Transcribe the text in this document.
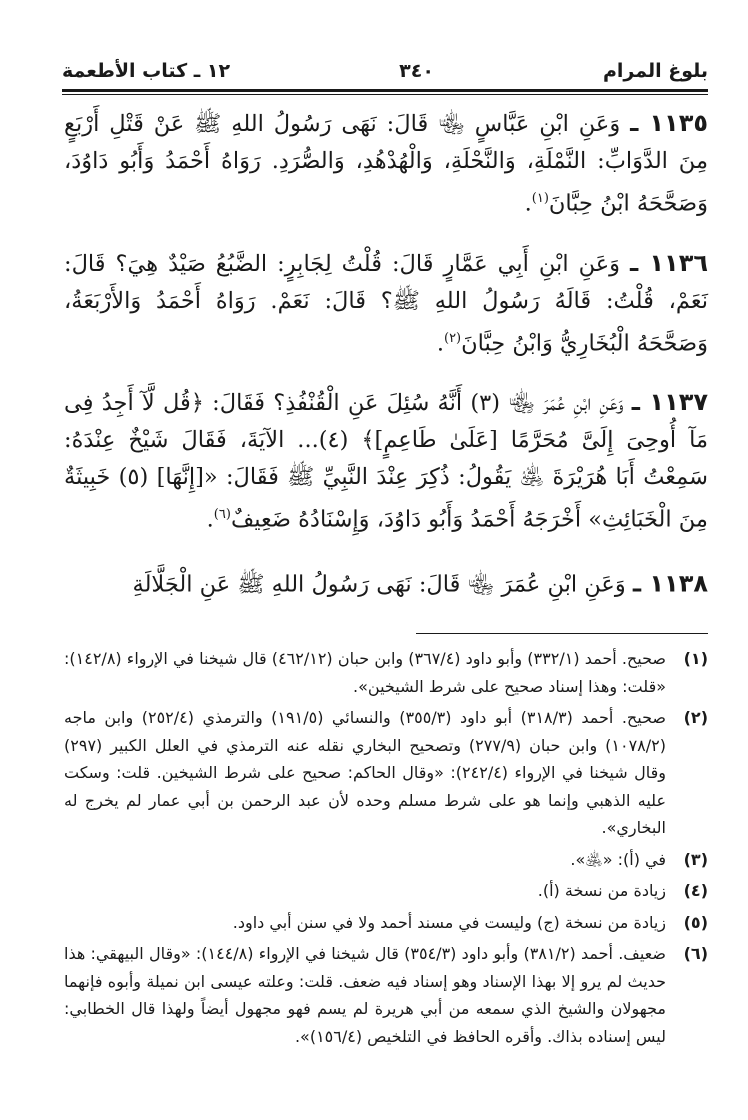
بلوغ المرام
٣٤٠
١٢ ـ كتاب الأطعمة

١١٣٥ ـ وَعَنِ ابْنِ عَبَّاسٍ ﵄ قَالَ: نَهَى رَسُولُ اللهِ ﷺ عَنْ قَتْلِ أَرْبَعٍ مِنَ الدَّوَابِّ: النَّمْلَةِ، وَالنَّحْلَةِ، وَالْهُدْهُدِ، وَالصُّرَدِ. رَوَاهُ أَحْمَدُ وَأَبُو دَاوُدَ، وَصَحَّحَهُ ابْنُ حِبَّانَ$^{(١)}$.

١١٣٦ ـ وَعَنِ ابْنِ أَبِي عَمَّارٍ قَالَ: قُلْتُ لِجَابِرٍ: الضَّبُعُ صَيْدٌ هِيَ؟ قَالَ: نَعَمْ، قُلْتُ: قَالَهُ رَسُولُ اللهِ ﷺ؟ قَالَ: نَعَمْ. رَوَاهُ أَحْمَدُ وَالأَرْبَعَةُ، وَصَحَّحَهُ الْبُخَارِيُّ وَابْنُ حِبَّانَ$^{(٢)}$.

١١٣٧ ـ وَعَنِ ابْنِ عُمَرَ ﵄ (٣) أَنَّهُ سُئِلَ عَنِ الْقُنْفُذِ؟ فَقَالَ: ﴿قُل لَّآ أَجِدُ فِى مَآ أُوحِىَ إِلَىَّ مُحَرَّمًا [عَلَىٰ طَاعِمٍ]﴾ (٤)... الآيَةَ، فَقَالَ شَيْخٌ عِنْدَهُ: سَمِعْتُ أَبَا هُرَيْرَةَ ﵁ يَقُولُ: ذُكِرَ عِنْدَ النَّبِيِّ ﷺ فَقَالَ: «[إِنَّهَا] (٥) خَبِيثَةٌ مِنَ الْخَبَائِثِ» أَخْرَجَهُ أَحْمَدُ وَأَبُو دَاوُدَ، وَإِسْنَادُهُ ضَعِيفٌ$^{(٦)}$.

١١٣٨ ـ وَعَنِ ابْنِ عُمَرَ ﵄ قَالَ: نَهَى رَسُولُ اللهِ ﷺ عَنِ الْجَلَّالَةِ

(١)
صحيح. أحمد (٣٣٢/١) وأبو داود (٣٦٧/٤) وابن حبان (٤٦٢/١٢) قال شيخنا في الإرواء (١٤٢/٨): «قلت: وهذا إسناد صحيح على شرط الشيخين».
(٢)
صحيح. أحمد (٣١٨/٣) أبو داود (٣٥٥/٣) والنسائي (١٩١/٥) والترمذي (٢٥٢/٤) وابن ماجه (١٠٧٨/٢) وابن حبان (٢٧٧/٩) وتصحيح البخاري نقله عنه الترمذي في العلل الكبير (٢٩٧) وقال شيخنا في الإرواء (٢٤٢/٤): «وقال الحاكم: صحيح على شرط الشيخين. قلت: وسكت عليه الذهبي وإنما هو على شرط مسلم وحده لأن عبد الرحمن بن أبي عمار لم يخرج له البخاري».
(٣)
في (أ): «﵁».
(٤)
زيادة من نسخة (أ).
(٥)
زيادة من نسخة (ج) وليست في مسند أحمد ولا في سنن أبي داود.
(٦)
ضعيف. أحمد (٣٨١/٢) وأبو داود (٣٥٤/٣) قال شيخنا في الإرواء (١٤٤/٨): «وقال البيهقي: هذا حديث لم يرو إلا بهذا الإسناد وهو إسناد فيه ضعف. قلت: وعلته عيسى ابن نميلة وأبوه فإنهما مجهولان والشيخ الذي سمعه من أبي هريرة لم يسم فهو مجهول أيضاً ولهذا قال الخطابي: ليس إسناده بذاك. وأقره الحافظ في التلخيص (١٥٦/٤)».
